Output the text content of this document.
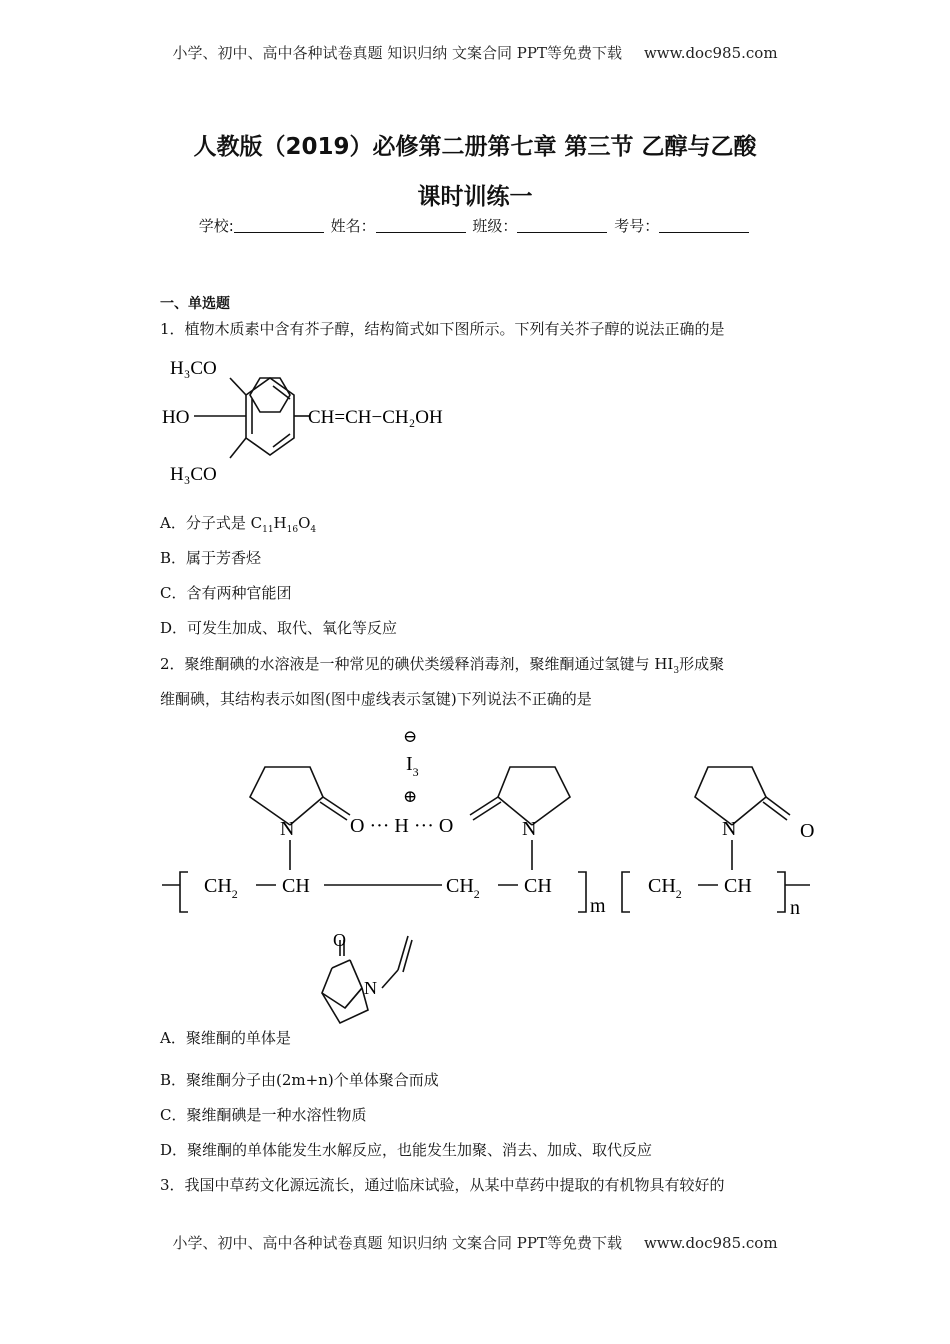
小学、初中、高中各种试卷真题 知识归纳 文案合同 PPT等免费下载 www.doc985.com
人教版（2019）必修第二册第七章 第三节 乙醇与乙酸
课时训练一
学校:	姓名：	班级：	考号：
一、单选题
1．植物木质素中含有芥子醇，结构简式如下图所示。下列有关芥子醇的说法正确的是
H₃CO
HO
H₃CO
CH=CH−CH₂OH
A．分子式是 $C_{11}H_{16}O_4$
B．属于芳香烃
C．含有两种官能团
D．可发生加成、取代、氧化等反应
2．聚维酮碘的水溶液是一种常见的碘伏类缓释消毒剂，聚维酮通过氢键与 $HI_3$形成聚
维酮碘，其结构表示如图(图中虚线表示氢键)下列说法不正确的是
⊖
$I_3$
⊕
O ··· H ··· O
N	N	N	O
$CH_2$ CH	$CH_2$ CH
m
$CH_2$ CH
n
A．聚维酮的单体是
O
N
B．聚维酮分子由(2m+n)个单体聚合而成
C．聚维酮碘是一种水溶性物质
D．聚维酮的单体能发生水解反应，也能发生加聚、消去、加成、取代反应
3．我国中草药文化源远流长，通过临床试验，从某中草药中提取的有机物具有较好的
小学、初中、高中各种试卷真题 知识归纳 文案合同 PPT等免费下载 www.doc985.com
